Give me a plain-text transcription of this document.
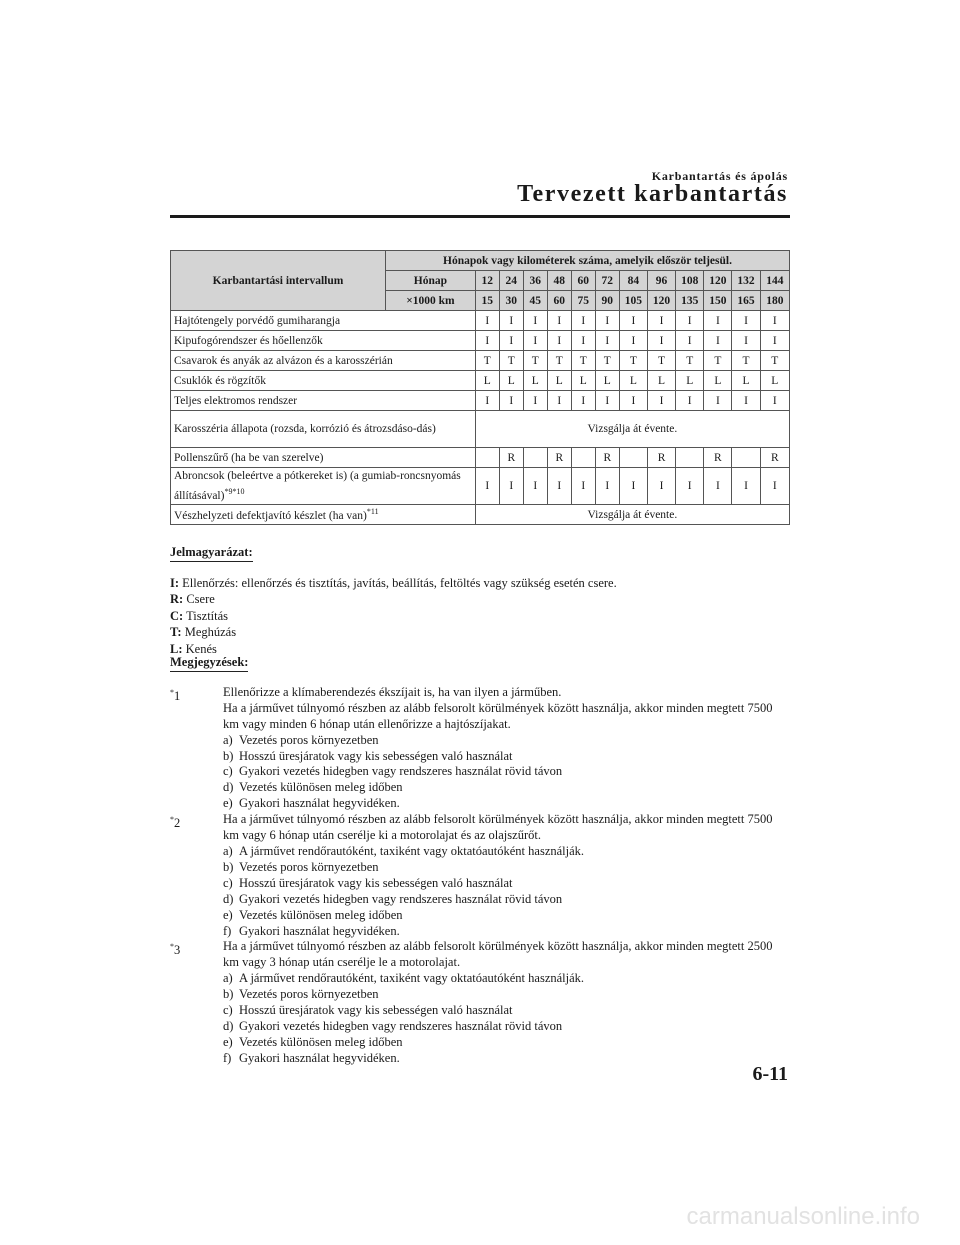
Karbantartás és ápolás
Tervezett karbantartás
Karbantartási intervallum	Hónapok vagy kilométerek száma, amelyik először teljesül.												
	Hónap	12	24	36	48	60	72	84	96	108	120	132	144
	×1000 km	15	30	45	60	75	90	105	120	135	150	165	180
Hajtótengely porvédő gumiharangja		I	I	I	I	I	I	I	I	I	I	I	I
Kipufogórendszer és hőellenzők		I	I	I	I	I	I	I	I	I	I	I	I
Csavarok és anyák az alvázon és a karosszérián		T	T	T	T	T	T	T	T	T	T	T	T
Csuklók és rögzítők		L	L	L	L	L	L	L	L	L	L	L	L
Teljes elektromos rendszer		I	I	I	I	I	I	I	I	I	I	I	I
Karosszéria állapota (rozsda, korrózió és átrozsdáso-dás)		Vizsgálja át évente.											
Pollenszűrő (ha be van szerelve)			R		R		R		R		R		R
Abroncsok (beleértve a pótkereket is) (a gumiab-roncsnyomás állításával)$^{*9*10}$		I	I	I	I	I	I	I	I	I	I	I	I
Vészhelyzeti defektjavító készlet (ha van)$^{*11}$		Vizsgálja át évente.											
Jelmagyarázat:
I: Ellenőrzés: ellenőrzés és tisztítás, javítás, beállítás, feltöltés vagy szükség esetén csere.
R: Csere
C: Tisztítás
T: Meghúzás
L: Kenés
Megjegyzések:
*1	Ellenőrizze a klímaberendezés ékszíjait is, ha van ilyen a járműben.
Ha a járművet túlnyomó részben az alább felsorolt körülmények között használja, akkor minden megtett 7500 km vagy minden 6 hónap után ellenőrizze a hajtószíjakat.
a) Vezetés poros környezetben
b) Hosszú üresjáratok vagy kis sebességen való használat
c) Gyakori vezetés hidegben vagy rendszeres használat rövid távon
d) Vezetés különösen meleg időben
e) Gyakori használat hegyvidéken.
*2	Ha a járművet túlnyomó részben az alább felsorolt körülmények között használja, akkor minden megtett 7500 km vagy 6 hónap után cserélje ki a motorolajat és az olajszűrőt.
a) A járművet rendőrautóként, taxiként vagy oktatóautóként használják.
b) Vezetés poros környezetben
c) Hosszú üresjáratok vagy kis sebességen való használat
d) Gyakori vezetés hidegben vagy rendszeres használat rövid távon
e) Vezetés különösen meleg időben
f) Gyakori használat hegyvidéken.
*3	Ha a járművet túlnyomó részben az alább felsorolt körülmények között használja, akkor minden megtett 2500 km vagy 3 hónap után cserélje le a motorolajat.
a) A járművet rendőrautóként, taxiként vagy oktatóautóként használják.
b) Vezetés poros környezetben
c) Hosszú üresjáratok vagy kis sebességen való használat
d) Gyakori vezetés hidegben vagy rendszeres használat rövid távon
e) Vezetés különösen meleg időben
f) Gyakori használat hegyvidéken.
6-11
carmanualsonline.info
